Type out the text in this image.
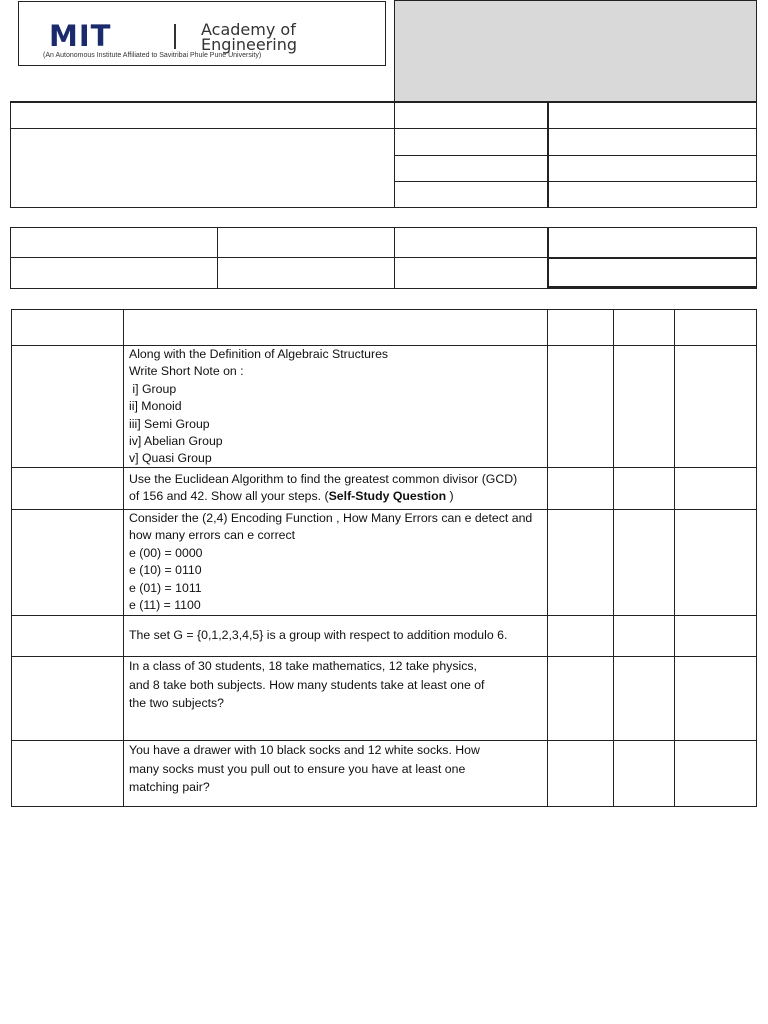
MIT	Academy of
Engineering
(An Autonomous Institute Affiliated to Savitribai Phule Pune University)
Along with the Definition of Algebraic Structures
Write Short Note on :
i] Group
ii] Monoid
iii] Semi Group
iv] Abelian Group
v] Quasi Group
Use the Euclidean Algorithm to find the greatest common divisor (GCD)
of 156 and 42. Show all your steps. (Self-Study Question )
Consider the (2,4) Encoding Function , How Many Errors can e detect and
how many errors can e correct
e (00) = 0000
e (10) = 0110
e (01) = 1011
e (11) = 1100
The set G = {0,1,2,3,4,5} is a group with respect to addition modulo 6.
In a class of 30 students, 18 take mathematics, 12 take physics,
and 8 take both subjects. How many students take at least one of
the two subjects?
You have a drawer with 10 black socks and 12 white socks. How
many socks must you pull out to ensure you have at least one
matching pair?
